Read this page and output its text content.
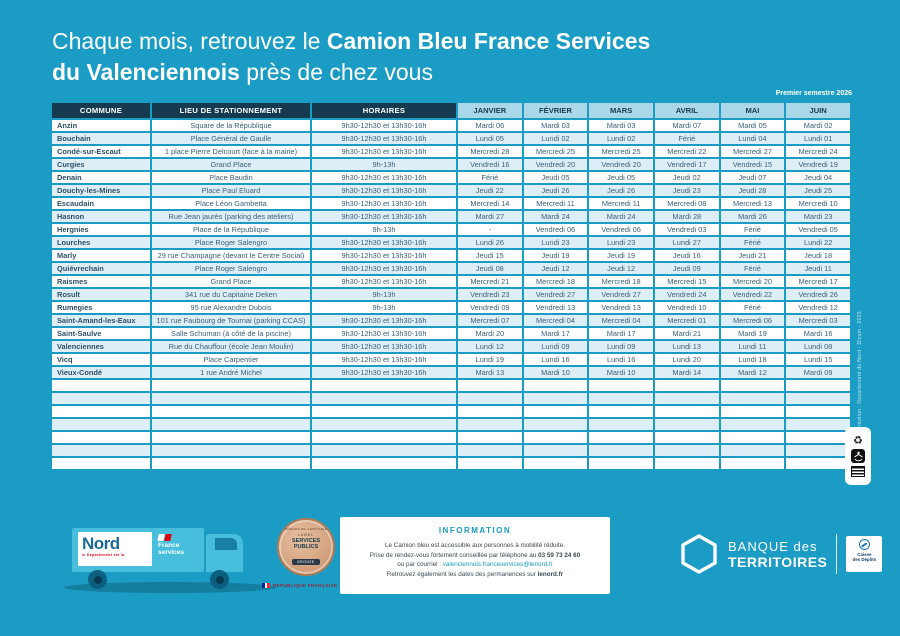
Chaque mois, retrouvez le Camion Bleu France Services
du Valenciennois près de chez vous
Premier semestre 2026
COMMUNE	LIEU DE STATIONNEMENT	HORAIRES	JANVIER	FÉVRIER	MARS	AVRIL	MAI	JUIN
Anzin	Square de la République	9h30-12h30 et 13h30-16h	Mardi 06	Mardi 03	Mardi 03	Mardi 07	Mardi 05	Mardi 02
Bouchain	Place Général de Gaulle	9h30-12h30 et 13h30-16h	Lundi 05	Lundi 02	Lundi 02	Férié	Lundi 04	Lundi 01
Condé-sur-Escaut	1 place Pierre Delcourt (face à la mairie)	9h30-12h30 et 13h30-16h	Mercredi 28	Mercredi 25	Mercredi 25	Mercredi 22	Mercredi 27	Mercredi 24
Curgies	Grand Place	9h-13h	Vendredi 16	Vendredi 20	Vendredi 20	Vendredi 17	Vendredi 15	Vendredi 19
Denain	Place Baudin	9h30-12h30 et 13h30-16h	Férié	Jeudi 05	Jeudi 05	Jeudi 02	Jeudi 07	Jeudi 04
Douchy-les-Mines	Place Paul Eluard	9h30-12h30 et 13h30-16h	Jeudi 22	Jeudi 26	Jeudi 26	Jeudi 23	Jeudi 28	Jeudi 25
Escaudain	Place Léon Gambetta	9h30-12h30 et 13h30-16h	Mercredi 14	Mercredi 11	Mercredi 11	Mercredi 08	Mercredi 13	Mercredi 10
Hasnon	Rue Jean jaurès (parking des ateliers)	9h30-12h30 et 13h30-16h	Mardi 27	Mardi 24	Mardi 24	Mardi 28	Mardi 26	Mardi 23
Hergnies	Place de la République	9h-13h	-	Vendredi 06	Vendredi 06	Vendredi 03	Férié	Vendredi 05
Lourches	Place Roger Salengro	9h30-12h30 et 13h30-16h	Lundi 26	Lundi 23	Lundi 23	Lundi 27	Férié	Lundi 22
Marly	29 rue Champagne (devant le Centre Social)	9h30-12h30 et 13h30-16h	Jeudi 15	Jeudi 19	Jeudi 19	Jeudi 16	Jeudi 21	Jeudi 18
Quiévrechain	Place Roger Salengro	9h30-12h30 et 13h30-16h	Jeudi 08	Jeudi 12	Jeudi 12	Jeudi 09	Férié	Jeudi 11
Raismes	Grand Place	9h30-12h30 et 13h30-16h	Mercredi 21	Mercredi 18	Mercredi 18	Mercredi 15	Mercredi 20	Mercredi 17
Rosult	341 rue du Capitaine Deken	9h-13h	Vendredi 23	Vendredi 27	Vendredi 27	Vendredi 24	Vendredi 22	Vendredi 26
Rumegies	95 rue Alexandre Dubois	9h-13h	Vendredi 09	Vendredi 13	Vendredi 13	Vendredi 10	Férié	Vendredi 12
Saint-Amand-les-Eaux	101 rue Faubourg de Tournai (parking CCAS)	9h30-12h30 et 13h30-16h	Mercredi 07	Mercredi 04	Mercredi 04	Mercredi 01	Mercredi 06	Mercredi 03
Saint-Saulve	Salle Schuman (à côté de la piscine)	9h30-12h30 et 13h30-16h	Mardi 20	Mardi 17	Mardi 17	Mardi 21	Mardi 19	Mardi 16
Valenciennes	Rue du Chauffour (école Jean Moulin)	9h30-12h30 et 13h30-16h	Lundi 12	Lundi 09	Lundi 09	Lundi 13	Lundi 11	Lundi 08
Vicq	Place Carpentier	9h30-12h30 et 13h30-16h	Lundi 19	Lundi 16	Lundi 16	Lundi 20	Lundi 18	Lundi 15
Vieux-Condé	1 rue André Michel	9h30-12h30 et 13h30-16h	Mardi 13	Mardi 10	Mardi 10	Mardi 14	Mardi 12	Mardi 09

Nord
le Département est là
France
services
DÉMARCHE CERTIFIÉE
LABEL
SERVICES PUBLICS
BRONZE
RÉPUBLIQUE FRANÇAISE
INFORMATION

Le Camion bleu est accessible aux personnes à mobilité réduite.

Prise de rendez-vous fortement conseillée par téléphone au 03 59 73 24 60

ou par courriel : valenciennois.franceservices@lenord.fr

Retrouvez également les dates des permanences sur lenord.fr

BANQUE des
TERRITOIRES	Caisse
des Dépôts
♻
Création : Département du Nord - Dicom - 2025
